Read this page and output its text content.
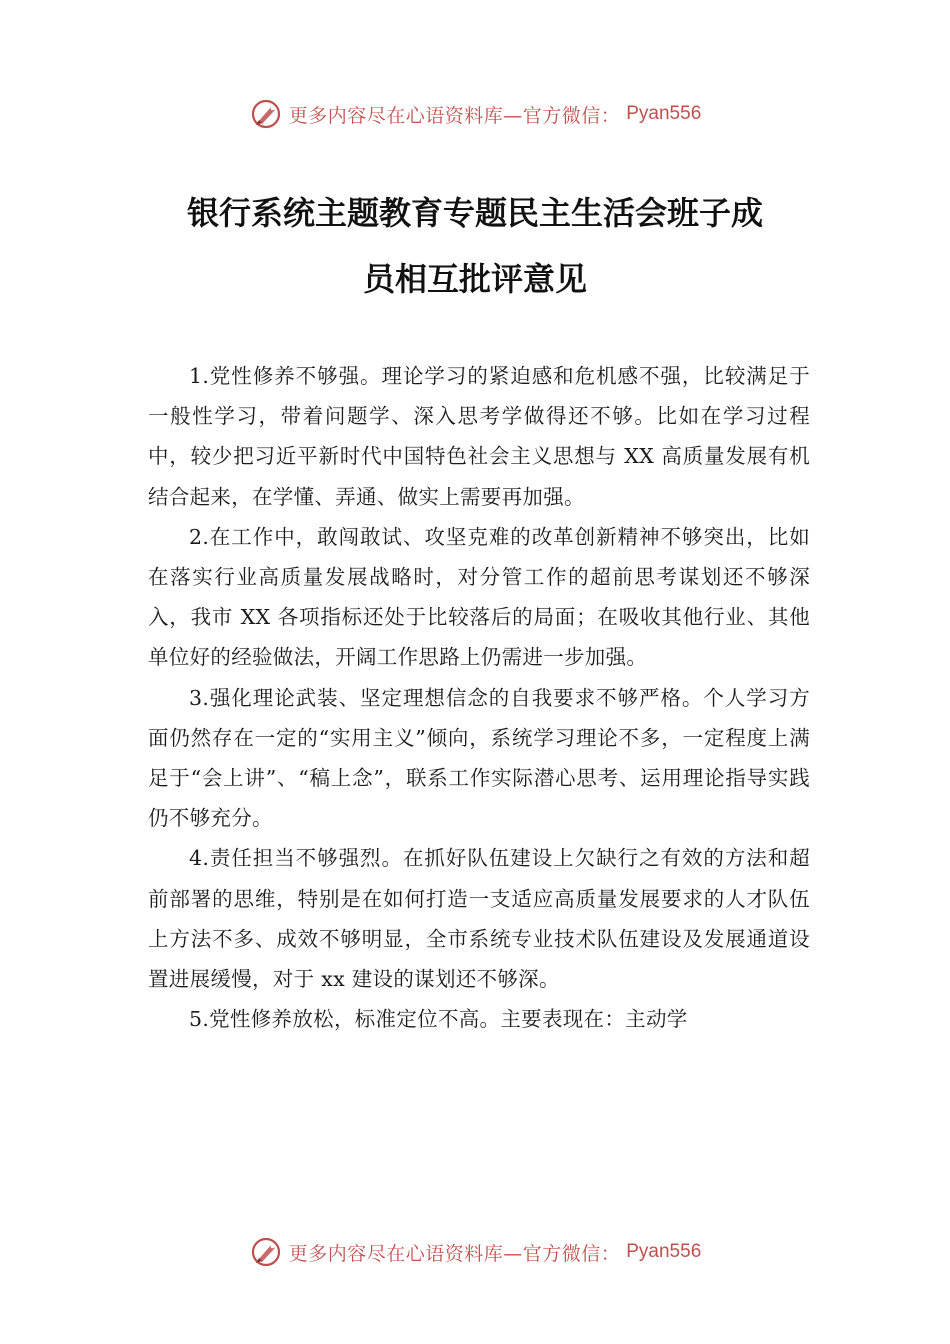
更多内容尽在心语资料库—官方微信： Pyan556
银行系统主题教育专题民主生活会班子成
员相互批评意见

1.党性修养不够强。理论学习的紧迫感和危机感不强，比较满足于一般性学习，带着问题学、深入思考学做得还不够。比如在学习过程中，较少把习近平新时代中国特色社会主义思想与 XX 高质量发展有机结合起来，在学懂、弄通、做实上需要再加强。

2.在工作中，敢闯敢试、攻坚克难的改革创新精神不够突出，比如在落实行业高质量发展战略时，对分管工作的超前思考谋划还不够深入，我市 XX 各项指标还处于比较落后的局面；在吸收其他行业、其他单位好的经验做法，开阔工作思路上仍需进一步加强。

3.强化理论武装、坚定理想信念的自我要求不够严格。个人学习方面仍然存在一定的“实用主义”倾向，系统学习理论不多，一定程度上满足于“会上讲”、“稿上念”，联系工作实际潜心思考、运用理论指导实践仍不够充分。

4.责任担当不够强烈。在抓好队伍建设上欠缺行之有效的方法和超前部署的思维，特别是在如何打造一支适应高质量发展要求的人才队伍上方法不多、成效不够明显，全市系统专业技术队伍建设及发展通道设置进展缓慢，对于 xx 建设的谋划还不够深。

5.党性修养放松，标准定位不高。主要表现在：主动学

更多内容尽在心语资料库—官方微信： Pyan556
